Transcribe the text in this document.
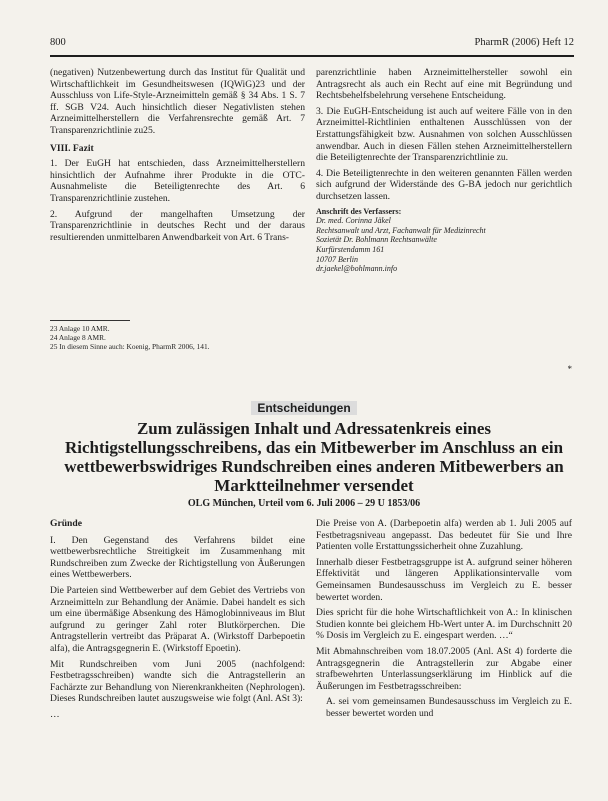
800	PharmR (2006) Heft 12

(negativen) Nutzenbewertung durch das Institut für Qualität und Wirtschaftlichkeit im Gesundheitswesen (IQWiG)23 und der Ausschluss von Life-Style-Arzneimitteln gemäß § 34 Abs. 1 S. 7 ff. SGB V24. Auch hinsichtlich dieser Negativlisten stehen Arzneimittelherstellern die Verfahrensrechte gemäß Art. 7 Transparenzrichtlinie zu25.

VIII. Fazit

1. Der EuGH hat entschieden, dass Arzneimittelherstellern hinsichtlich der Aufnahme ihrer Produkte in die OTC-Ausnahmeliste die Beteiligtenrechte des Art. 6 Transparenzrichtlinie zustehen.

2. Aufgrund der mangelhaften Umsetzung der Transparenzrichtlinie in deutsches Recht und der daraus resultierenden unmittelbaren Anwendbarkeit von Art. 6 Trans-

23 Anlage 10 AMR.
24 Anlage 8 AMR.
25 In diesem Sinne auch: Koenig, PharmR 2006, 141.

parenzrichtlinie haben Arzneimittelhersteller sowohl ein Antragsrecht als auch ein Recht auf eine mit Begründung und Rechtsbehelfsbelehrung versehene Entscheidung.

3. Die EuGH-Entscheidung ist auch auf weitere Fälle von in den Arzneimittel-Richtlinien enthaltenen Ausschlüssen von der Erstattungsfähigkeit bzw. Ausnahmen von solchen Ausschlüssen anwendbar. Auch in diesen Fällen stehen Arzneimittelherstellern die Beteiligtenrechte der Transparenzrichtlinie zu.

4. Die Beteiligtenrechte in den weiteren genannten Fällen werden sich aufgrund der Widerstände des G-BA jedoch nur gerichtlich durchsetzen lassen.

Anschrift des Verfassers:
Dr. med. Corinna Jäkel
Rechtsanwalt und Arzt, Fachanwalt für Medizinrecht
Sozietät Dr. Bohlmann Rechtsanwälte
Kurfürstendamm 161
10707 Berlin
dr.jaekel@bohlmann.info
*
Entscheidungen
Zum zulässigen Inhalt und Adressatenkreis eines Richtigstellungsschreibens, das ein Mitbewerber im Anschluss an ein wettbewerbswidriges Rundschreiben eines anderen Mitbewerbers an Marktteilnehmer versendet
OLG München, Urteil vom 6. Juli 2006 – 29 U 1853/06
Gründe

I. Den Gegenstand des Verfahrens bildet eine wettbewerbsrechtliche Streitigkeit im Zusammenhang mit Rundschreiben zum Zwecke der Richtigstellung von Äußerungen eines Wettbewerbers.

Die Parteien sind Wettbewerber auf dem Gebiet des Vertriebs von Arzneimitteln zur Behandlung der Anämie. Dabei handelt es sich um eine übermäßige Absenkung des Hämoglobinniveaus im Blut aufgrund zu geringer Zahl roter Blutkörperchen. Die Antragstellerin vertreibt das Präparat A. (Wirkstoff Darbepoetin alfa), die Antragsgegnerin E. (Wirkstoff Epoetin).

Mit Rundschreiben vom Juni 2005 (nachfolgend: Festbetragsschreiben) wandte sich die Antragstellerin an Fachärzte zur Behandlung von Nierenkrankheiten (Nephrologen). Dieses Rundschreiben lautet auszugsweise wie folgt (Anl. ASt 3):

…

Die Preise von A. (Darbepoetin alfa) werden ab 1. Juli 2005 auf Festbetragsniveau angepasst. Das bedeutet für Sie und Ihre Patienten volle Erstattungssicherheit ohne Zuzahlung.

Innerhalb dieser Festbetragsgruppe ist A. aufgrund seiner höheren Effektivität und längeren Applikationsintervalle vom Gemeinsamen Bundesausschuss im Vergleich zu E. besser bewertet worden.

Dies spricht für die hohe Wirtschaftlichkeit von A.: In klinischen Studien konnte bei gleichem Hb-Wert unter A. im Durchschnitt 20 % Dosis im Vergleich zu E. eingespart werden. …“

Mit Abmahnschreiben vom 18.07.2005 (Anl. ASt 4) forderte die Antragsgegnerin die Antragstellerin zur Abgabe einer strafbewehrten Unterlassungserklärung im Hinblick auf die Äußerungen im Festbetragsschreiben:

A. sei vom gemeinsamen Bundesausschuss im Vergleich zu E. besser bewertet worden und
